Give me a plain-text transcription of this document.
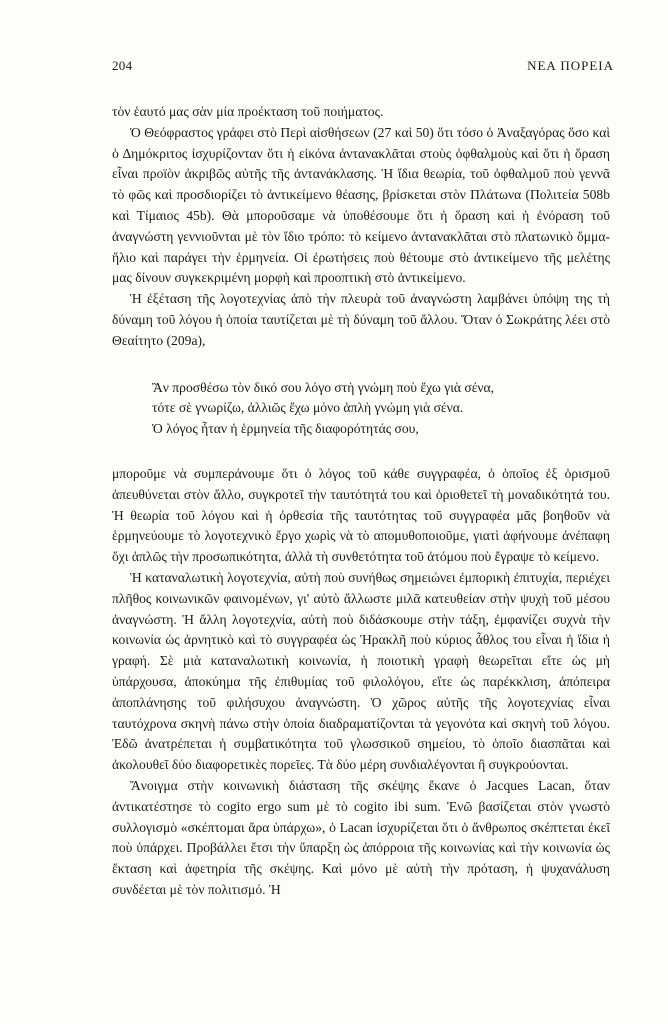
204	ΝΕΑ ΠΟΡΕΙΑ

τὸν ἑαυτό μας σὰν μία προέκταση τοῦ ποιήματος.

Ὁ Θεόφραστος γράφει στὸ Περὶ αἰσθήσεων (27 καὶ 50) ὅτι τόσο ὁ Ἀναξαγόρας ὅσο καὶ ὁ Δημόκριτος ἰσχυρίζονταν ὅτι ἡ εἰκόνα ἀντανακλᾶται στοὺς ὀφθαλμοὺς καὶ ὅτι ἡ ὅραση εἶναι προϊὸν ἀκριβῶς αὐτῆς τῆς ἀντανάκλασης. Ἡ ἴδια θεωρία, τοῦ ὀφθαλμοῦ ποὺ γεννᾶ τὸ φῶς καὶ προσδιορίζει τὸ ἀντικείμενο θέασης, βρίσκεται στὸν Πλάτωνα (Πολιτεία 508b καὶ Τίμαιος 45b). Θὰ μποροῦσαμε νὰ ὑποθέσουμε ὅτι ἡ ὅραση καὶ ἡ ἐνόραση τοῦ ἀναγνώστη γεννιοῦνται μὲ τὸν ἴδιο τρόπο: τὸ κείμενο ἀντανακλᾶται στὸ πλατωνικὸ ὄμμα-ἥλιο καὶ παράγει τὴν ἑρμηνεία. Οἱ ἐρωτήσεις ποὺ θέτουμε στὸ ἀντικείμενο τῆς μελέτης μας δίνουν συγκεκριμένη μορφὴ καὶ προοπτικὴ στὸ ἀντικείμενο.

Ἡ ἐξέταση τῆς λογοτεχνίας ἀπὸ τὴν πλευρὰ τοῦ ἀναγνώστη λαμβάνει ὑπόψη της τὴ δύναμη τοῦ λόγου ἡ ὁποία ταυτίζεται μὲ τὴ δύναμη τοῦ ἄλλου. Ὅταν ὁ Σωκράτης λέει στὸ Θεαίτητο (209a),

Ἂν προσθέσω τὸν δικό σου λόγο στὴ γνώμη ποὺ ἔχω γιὰ σένα,
τότε σὲ γνωρίζω, ἀλλιῶς ἔχω μόνο ἁπλὴ γνώμη γιὰ σένα.
Ὁ λόγος ἦταν ἡ ἑρμηνεία τῆς διαφορότητάς σου,

μποροῦμε νὰ συμπεράνουμε ὅτι ὁ λόγος τοῦ κάθε συγγραφέα, ὁ ὁποῖος ἐξ ὁρισμοῦ ἀπευθύνεται στὸν ἄλλο, συγκροτεῖ τὴν ταυτότητά του καὶ ὁριοθετεῖ τὴ μοναδικότητά του. Ἡ θεωρία τοῦ λόγου καὶ ἡ ὀρθεσία τῆς ταυτότητας τοῦ συγγραφέα μᾶς βοηθοῦν νὰ ἑρμηνεύουμε τὸ λογοτεχνικὸ ἔργο χωρὶς νὰ τὸ απομυθοποιοῦμε, γιατὶ ἀφήνουμε ἀνέπαφη ὄχι ἁπλῶς τὴν προσωπικότητα, ἀλλὰ τὴ συνθετότητα τοῦ ἀτόμου ποὺ ἔγραψε τὸ κείμενο.

Ἡ καταναλωτικὴ λογοτεχνία, αὐτὴ ποὺ συνήθως σημειώνει ἐμπορικὴ ἐπιτυχία, περιέχει πλῆθος κοινωνικῶν φαινομένων, γι' αὐτὸ ἄλλωστε μιλᾶ κατευθείαν στὴν ψυχὴ τοῦ μέσου ἀναγνώστη. Ἡ ἄλλη λογοτεχνία, αὐτὴ ποὺ διδάσκουμε στὴν τάξη, ἐμφανίζει συχνὰ τὴν κοινωνία ὡς ἀρνητικὸ καὶ τὸ συγγραφέα ὡς Ἡρακλῆ ποὺ κύριος ἆθλος του εἶναι ἡ ἴδια ἡ γραφή. Σὲ μιὰ καταναλωτικὴ κοινωνία, ἡ ποιοτικὴ γραφὴ θεωρεῖται εἴτε ὡς μὴ ὑπάρχουσα, ἀποκύημα τῆς ἐπιθυμίας τοῦ φιλολόγου, εἴτε ὡς παρέκκλιση, ἀπόπειρα ἀποπλάνησης τοῦ φιλήσυχου ἀναγνώστη. Ὁ χῶρος αὐτῆς τῆς λογοτεχνίας εἶναι ταυτόχρονα σκηνὴ πάνω στὴν ὁποία διαδραματίζονται τὰ γεγονότα καὶ σκηνὴ τοῦ λόγου. Ἐδῶ ἀνατρέπεται ἡ συμβατικότητα τοῦ γλωσσικοῦ σημείου, τὸ ὁποῖο διασπᾶται καὶ ἀκολουθεῖ δύο διαφορετικὲς πορεῖες. Τὰ δύο μέρη συνδιαλέγονται ἢ συγκρούονται.

Ἄνοιγμα στὴν κοινωνικὴ διάσταση τῆς σκέψης ἔκανε ὁ Jacques Lacan, ὅταν ἀντικατέστησε τὸ cogito ergo sum μὲ τὸ cogito ibi sum. Ἐνῶ βασίζεται στὸν γνωστὸ συλλογισμὸ «σκέπτομαι ἄρα ὑπάρχω», ὁ Lacan ἰσχυρίζεται ὅτι ὁ ἄνθρωπος σκέπτεται ἐκεῖ ποὺ ὑπάρχει. Προβάλλει ἔτσι τὴν ὕπαρξη ὡς ἀπόρροια τῆς κοινωνίας καὶ τὴν κοινωνία ὡς ἔκταση καὶ ἀφετηρία τῆς σκέψης. Καὶ μόνο μὲ αὐτὴ τὴν πρόταση, ἡ ψυχανάλυση συνδέεται μὲ τὸν πολιτισμό. Ἡ
